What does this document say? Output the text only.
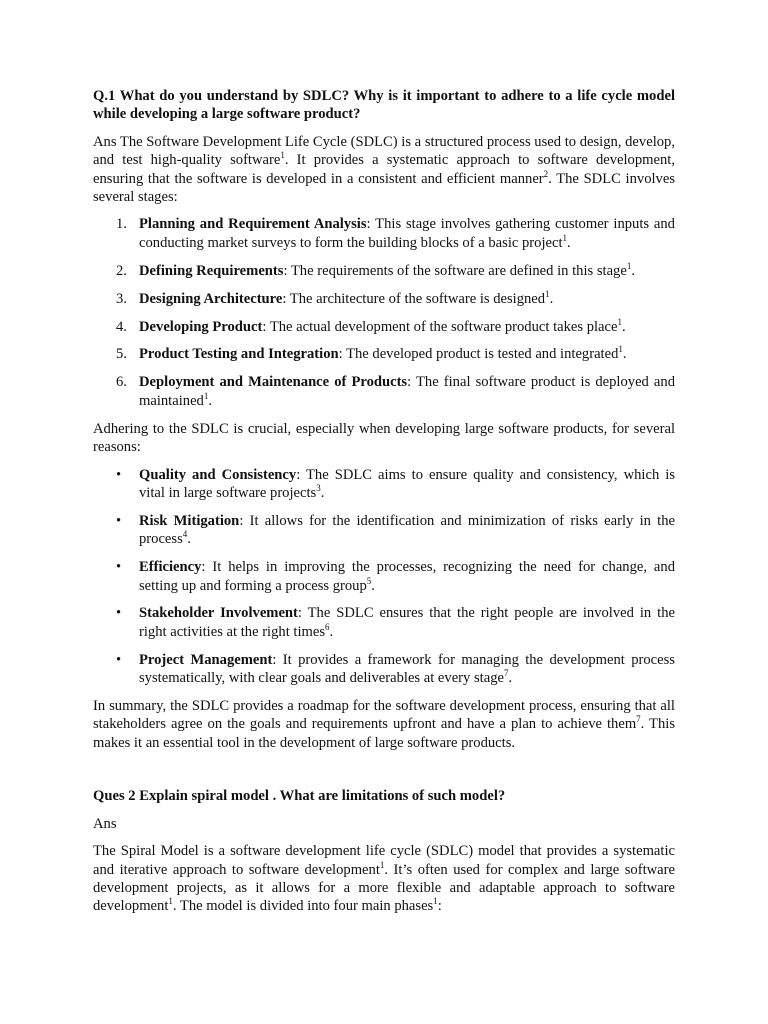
Q.1 What do you understand by SDLC? Why is it important to adhere to a life cycle model while developing a large software product?

Ans The Software Development Life Cycle (SDLC) is a structured process used to design, develop, and test high-quality software$^1$. It provides a systematic approach to software development, ensuring that the software is developed in a consistent and efficient manner$^2$. The SDLC involves several stages:

1. Planning and Requirement Analysis: This stage involves gathering customer inputs and conducting market surveys to form the building blocks of a basic project$^1$.
2. Defining Requirements: The requirements of the software are defined in this stage$^1$.
3. Designing Architecture: The architecture of the software is designed$^1$.
4. Developing Product: The actual development of the software product takes place$^1$.
5. Product Testing and Integration: The developed product is tested and integrated$^1$.
6. Deployment and Maintenance of Products: The final software product is deployed and maintained$^1$.

Adhering to the SDLC is crucial, especially when developing large software products, for several reasons:

• Quality and Consistency: The SDLC aims to ensure quality and consistency, which is vital in large software projects$^3$.
• Risk Mitigation: It allows for the identification and minimization of risks early in the process$^4$.
• Efficiency: It helps in improving the processes, recognizing the need for change, and setting up and forming a process group$^5$.
• Stakeholder Involvement: The SDLC ensures that the right people are involved in the right activities at the right times$^6$.
• Project Management: It provides a framework for managing the development process systematically, with clear goals and deliverables at every stage$^7$.

In summary, the SDLC provides a roadmap for the software development process, ensuring that all stakeholders agree on the goals and requirements upfront and have a plan to achieve them$^7$. This makes it an essential tool in the development of large software products.

Ques 2 Explain spiral model . What are limitations of such model?

Ans

The Spiral Model is a software development life cycle (SDLC) model that provides a systematic and iterative approach to software development$^1$. It’s often used for complex and large software development projects, as it allows for a more flexible and adaptable approach to software development$^1$. The model is divided into four main phases$^1$:
